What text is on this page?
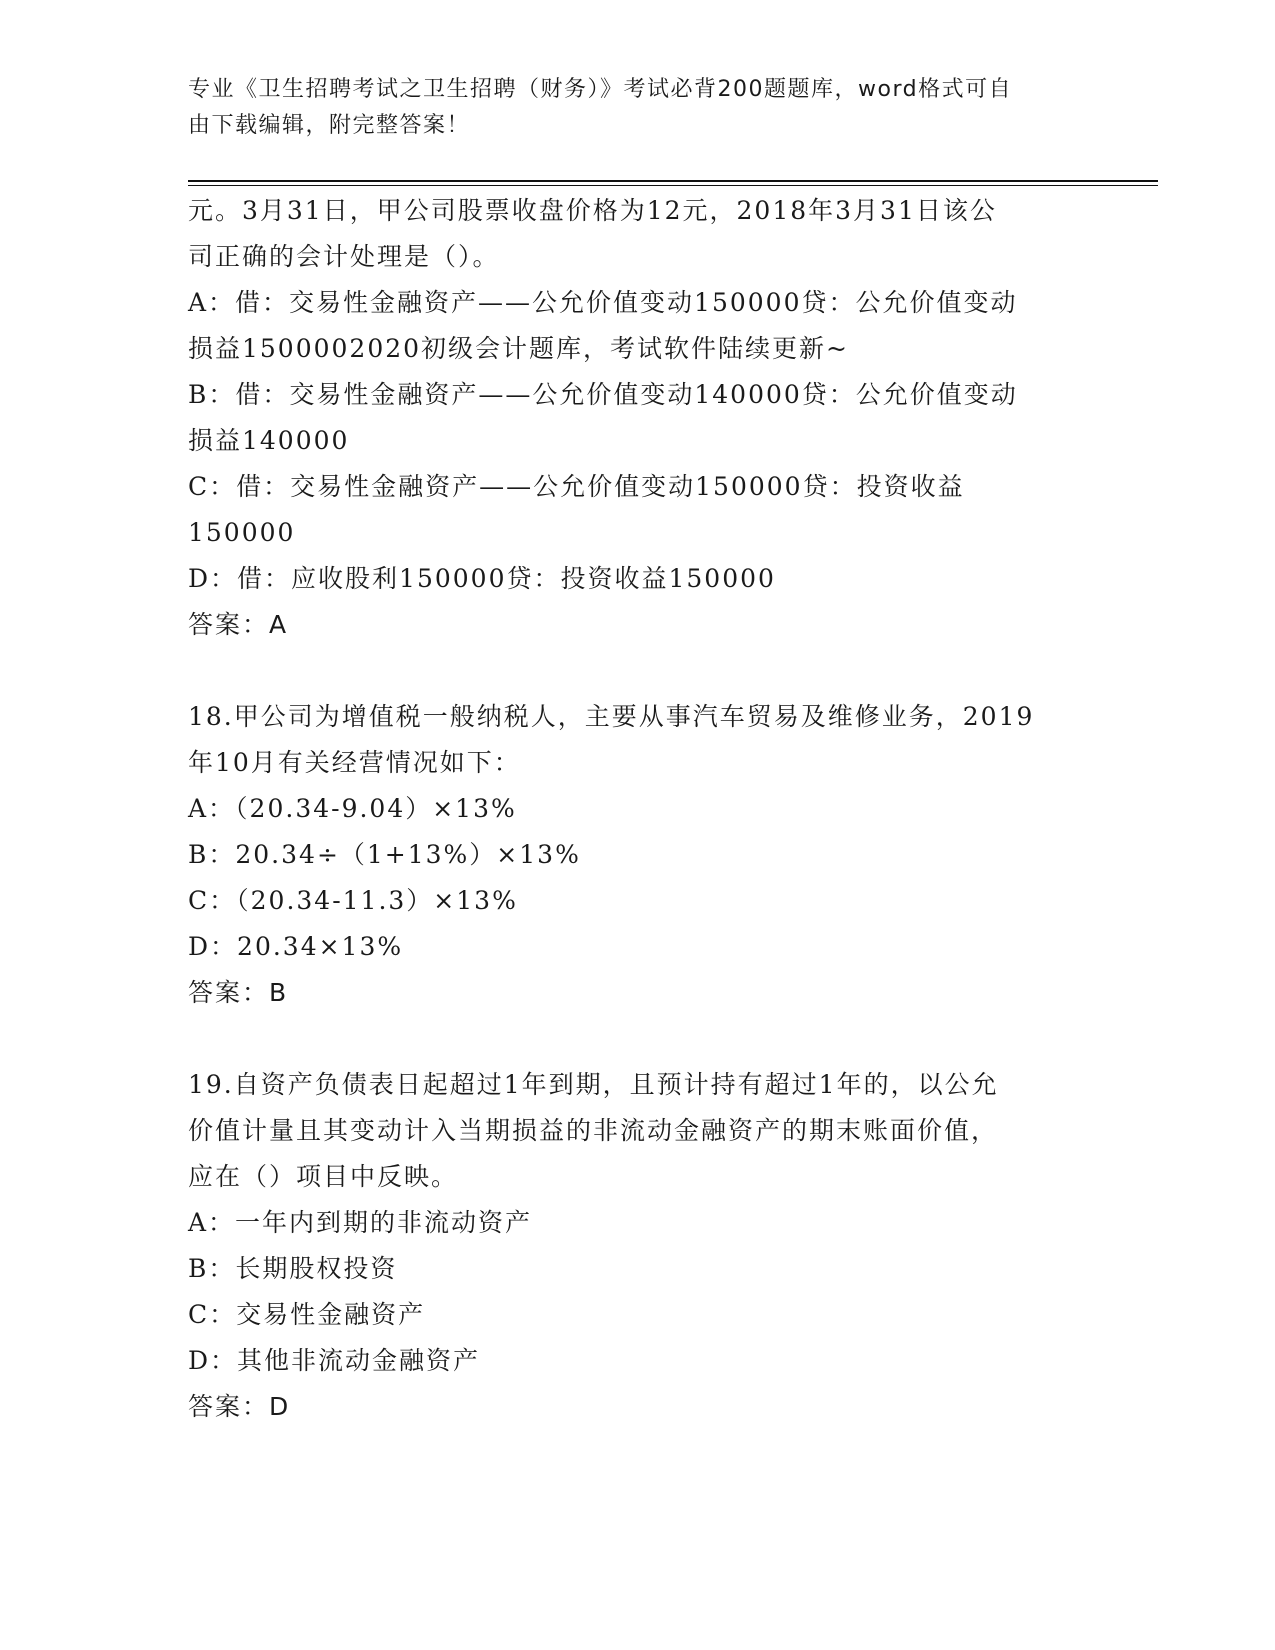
专业《卫生招聘考试之卫生招聘（财务）》考试必背200题题库，word格式可自
由下载编辑，附完整答案！
元。3月31日，甲公司股票收盘价格为12元，2018年3月31日该公
司正确的会计处理是（）。
A：借：交易性金融资产——公允价值变动150000贷：公允价值变动
损益1500002020初级会计题库，考试软件陆续更新~
B：借：交易性金融资产——公允价值变动140000贷：公允价值变动
损益140000
C：借：交易性金融资产——公允价值变动150000贷：投资收益
150000
D：借：应收股利150000贷：投资收益150000
答案：A
18.甲公司为增值税一般纳税人，主要从事汽车贸易及维修业务，2019
年10月有关经营情况如下：
A：（20.34-9.04）×13%
B：20.34÷（1+13%）×13%
C：（20.34-11.3）×13%
D：20.34×13%
答案：B
19.自资产负债表日起超过1年到期，且预计持有超过1年的，以公允
价值计量且其变动计入当期损益的非流动金融资产的期末账面价值，
应在（）项目中反映。
A：一年内到期的非流动资产
B：长期股权投资
C：交易性金融资产
D：其他非流动金融资产
答案：D
